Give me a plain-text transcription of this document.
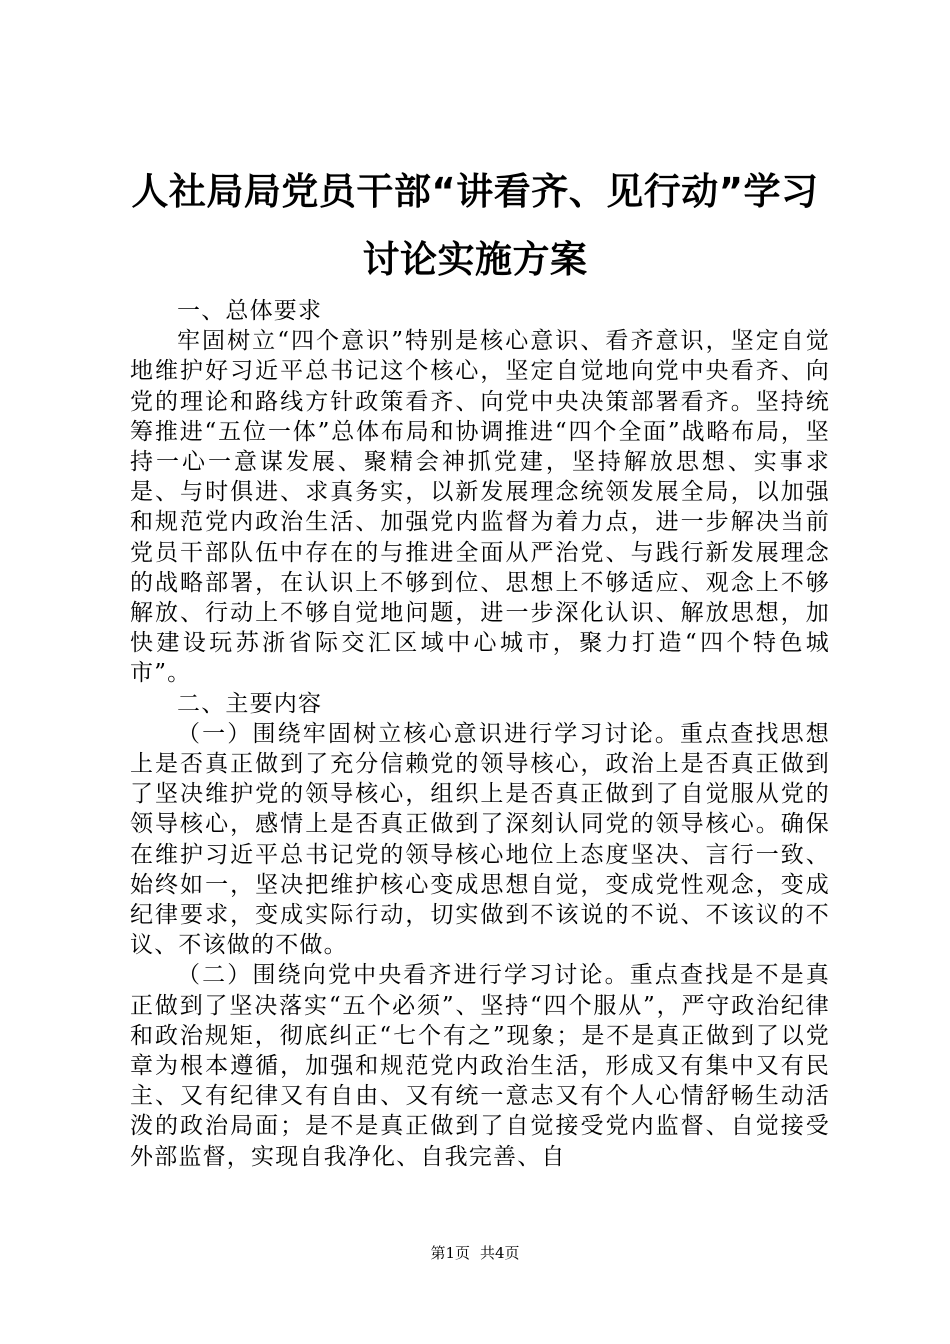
人社局局党员干部“讲看齐、见行动”学习讨论实施方案

一、总体要求

牢固树立“四个意识”特别是核心意识、看齐意识，坚定自觉地维护好习近平总书记这个核心，坚定自觉地向党中央看齐、向党的理论和路线方针政策看齐、向党中央决策部署看齐。坚持统筹推进“五位一体”总体布局和协调推进“四个全面”战略布局，坚持一心一意谋发展、聚精会神抓党建，坚持解放思想、实事求是、与时俱进、求真务实，以新发展理念统领发展全局，以加强和规范党内政治生活、加强党内监督为着力点，进一步解决当前党员干部队伍中存在的与推进全面从严治党、与践行新发展理念的战略部署，在认识上不够到位、思想上不够适应、观念上不够解放、行动上不够自觉地问题，进一步深化认识、解放思想，加快建设玩苏浙省际交汇区域中心城市，聚力打造“四个特色城市”。

二、主要内容

（一）围绕牢固树立核心意识进行学习讨论。重点查找思想上是否真正做到了充分信赖党的领导核心，政治上是否真正做到了坚决维护党的领导核心，组织上是否真正做到了自觉服从党的领导核心，感情上是否真正做到了深刻认同党的领导核心。确保在维护习近平总书记党的领导核心地位上态度坚决、言行一致、始终如一，坚决把维护核心变成思想自觉，变成党性观念，变成纪律要求，变成实际行动，切实做到不该说的不说、不该议的不议、不该做的不做。

（二）围绕向党中央看齐进行学习讨论。重点查找是不是真正做到了坚决落实“五个必须”、坚持“四个服从”，严守政治纪律和政治规矩，彻底纠正“七个有之”现象；是不是真正做到了以党章为根本遵循，加强和规范党内政治生活，形成又有集中又有民主、又有纪律又有自由、又有统一意志又有个人心情舒畅生动活泼的政治局面；是不是真正做到了自觉接受党内监督、自觉接受外部监督，实现自我净化、自我完善、自

第1页 共4页
